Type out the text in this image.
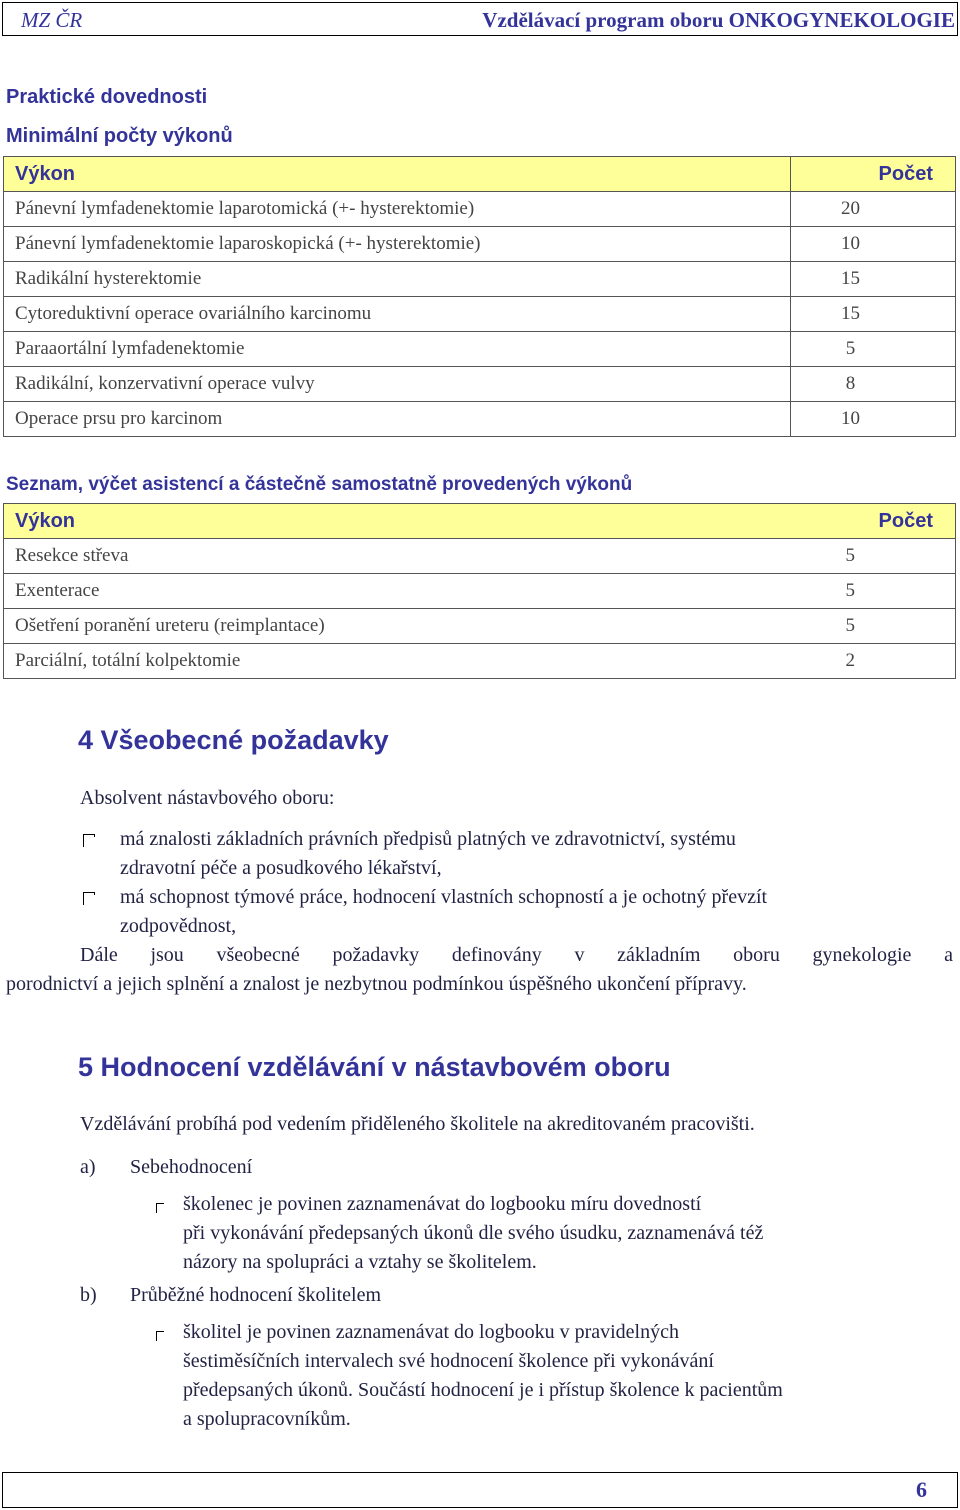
MZ ČR	Vzdělávací program oboru ONKOGYNEKOLOGIE
Praktické dovednosti
Minimální počty výkonů
Výkon	Počet
Pánevní lymfadenektomie laparotomická (+- hysterektomie)	20
Pánevní lymfadenektomie laparoskopická (+- hysterektomie)	10
Radikální hysterektomie	15
Cytoreduktivní operace ovariálního karcinomu	15
Paraaortální lymfadenektomie	5
Radikální, konzervativní operace vulvy	8
Operace prsu pro karcinom	10
Seznam, výčet asistencí a částečně samostatně provedených výkonů
Výkon	Počet
Resekce střeva	5
Exenterace	5
Ošetření poranění ureteru (reimplantace)	5
Parciální, totální kolpektomie	2
4 Všeobecné požadavky
Absolvent nástavbového oboru:
má znalosti základních právních předpisů platných ve zdravotnictví, systému
zdravotní péče a posudkového lékařství,
má schopnost týmové práce, hodnocení vlastních schopností a je ochotný převzít
zodpovědnost,
Dále jsou všeobecné požadavky definovány v základním oboru gynekologie a
porodnictví a jejich splnění a znalost je nezbytnou podmínkou úspěšného ukončení přípravy.
5 Hodnocení vzdělávání v nástavbovém oboru
Vzdělávání probíhá pod vedením přiděleného školitele na akreditovaném pracovišti.
a) Sebehodnocení
školenec je povinen zaznamenávat do logbooku míru dovedností
při vykonávání předepsaných úkonů dle svého úsudku, zaznamenává též
názory na spolupráci a vztahy se školitelem.
b) Průběžné hodnocení školitelem
školitel je povinen zaznamenávat do logbooku v pravidelných
šestiměsíčních intervalech své hodnocení školence při vykonávání
předepsaných úkonů. Součástí hodnocení je i přístup školence k pacientům
a spolupracovníkům.
6
